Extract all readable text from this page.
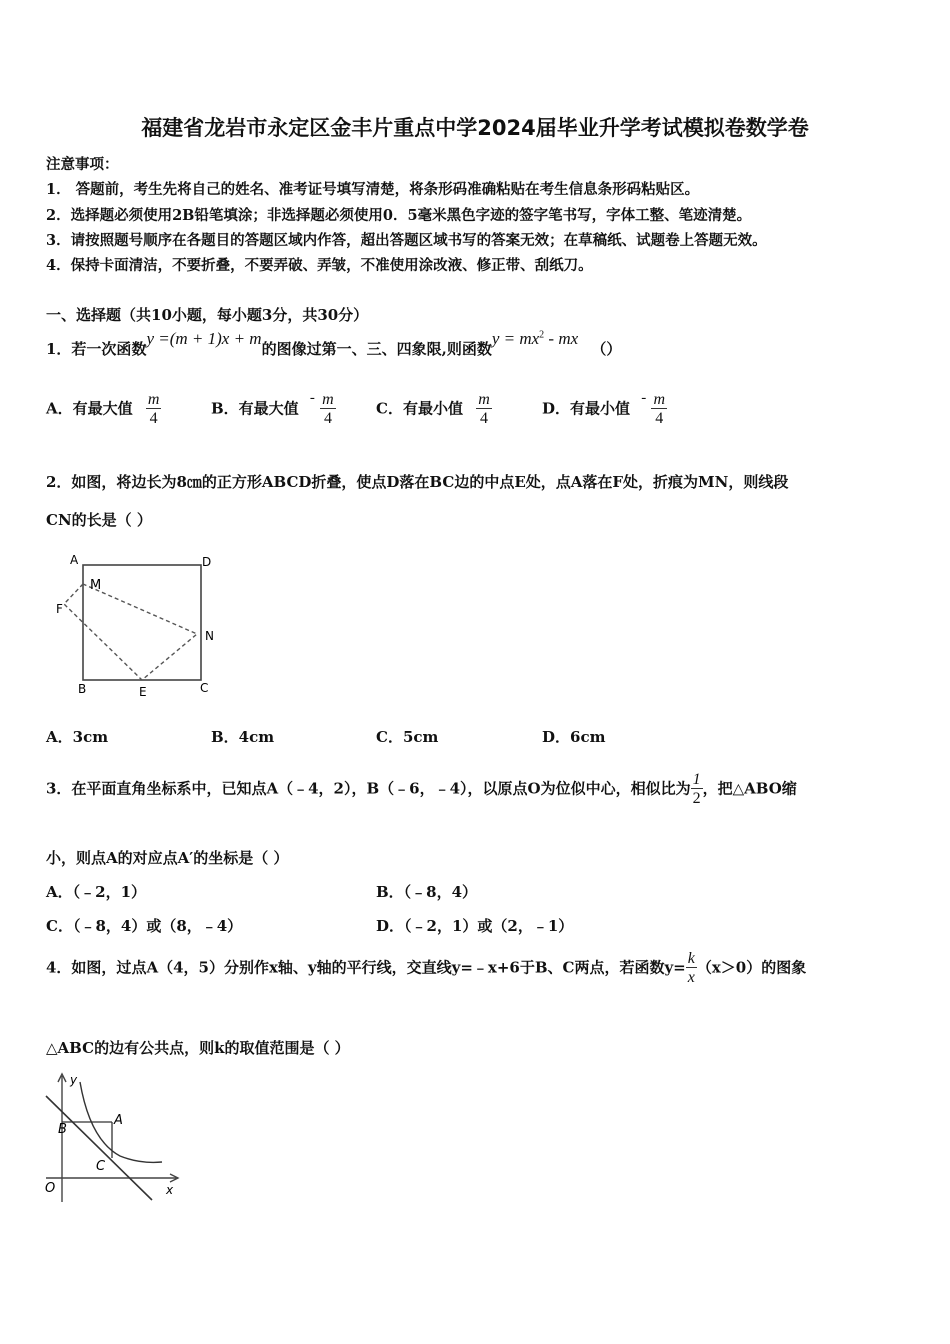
福建省龙岩市永定区金丰片重点中学2024届毕业升学考试模拟卷数学卷
注意事项：
1． 答题前，考生先将自己的姓名、准考证号填写清楚，将条形码准确粘贴在考生信息条形码粘贴区。
2．选择题必须使用2B铅笔填涂；非选择题必须使用0．5毫米黑色字迹的签字笔书写，字体工整、笔迹清楚。
3．请按照题号顺序在各题目的答题区域内作答，超出答题区域书写的答案无效；在草稿纸、试题卷上答题无效。
4．保持卡面清洁，不要折叠，不要弄破、弄皱，不准使用涂改液、修正带、刮纸刀。
一、选择题（共10小题，每小题3分，共30分）
1．若一次函数y =(m + 1)x + m的图像过第一、三、四象限,则函数$y = mx^2$ - mx （）
A．有最大值 $\frac{m}{4}$	B．有最大值 - $\frac{m}{4}$	C．有最小值 $\frac{m}{4}$	D．有最小值 - $\frac{m}{4}$
2．如图，将边长为8㎝的正方形ABCD折叠，使点D落在BC边的中点E处，点A落在F处，折痕为MN，则线段
CN的长是（ ）
A	D
M
F
N
B	E	C
A．3cm	B．4cm	C．5cm	D．6cm
3．在平面直角坐标系中，已知点A（﹣4，2），B（﹣6，﹣4），以原点O为位似中心，相似比为 $\frac{1}{2}$ ，把△ABO缩
小，则点A的对应点A′的坐标是（ ）
A．（﹣2，1）	B．（﹣8，4）
C．（﹣8，4）或（8，﹣4）	D．（﹣2，1）或（2，﹣1）
4．如图，过点A（4，5）分别作x轴、y轴的平行线，交直线y=﹣x+6于B、C两点，若函数$y= \frac{k}{x} (x>0)$的图象
△ABC的边有公共点，则k的取值范围是（ ）
y
x
O
A
B
C
